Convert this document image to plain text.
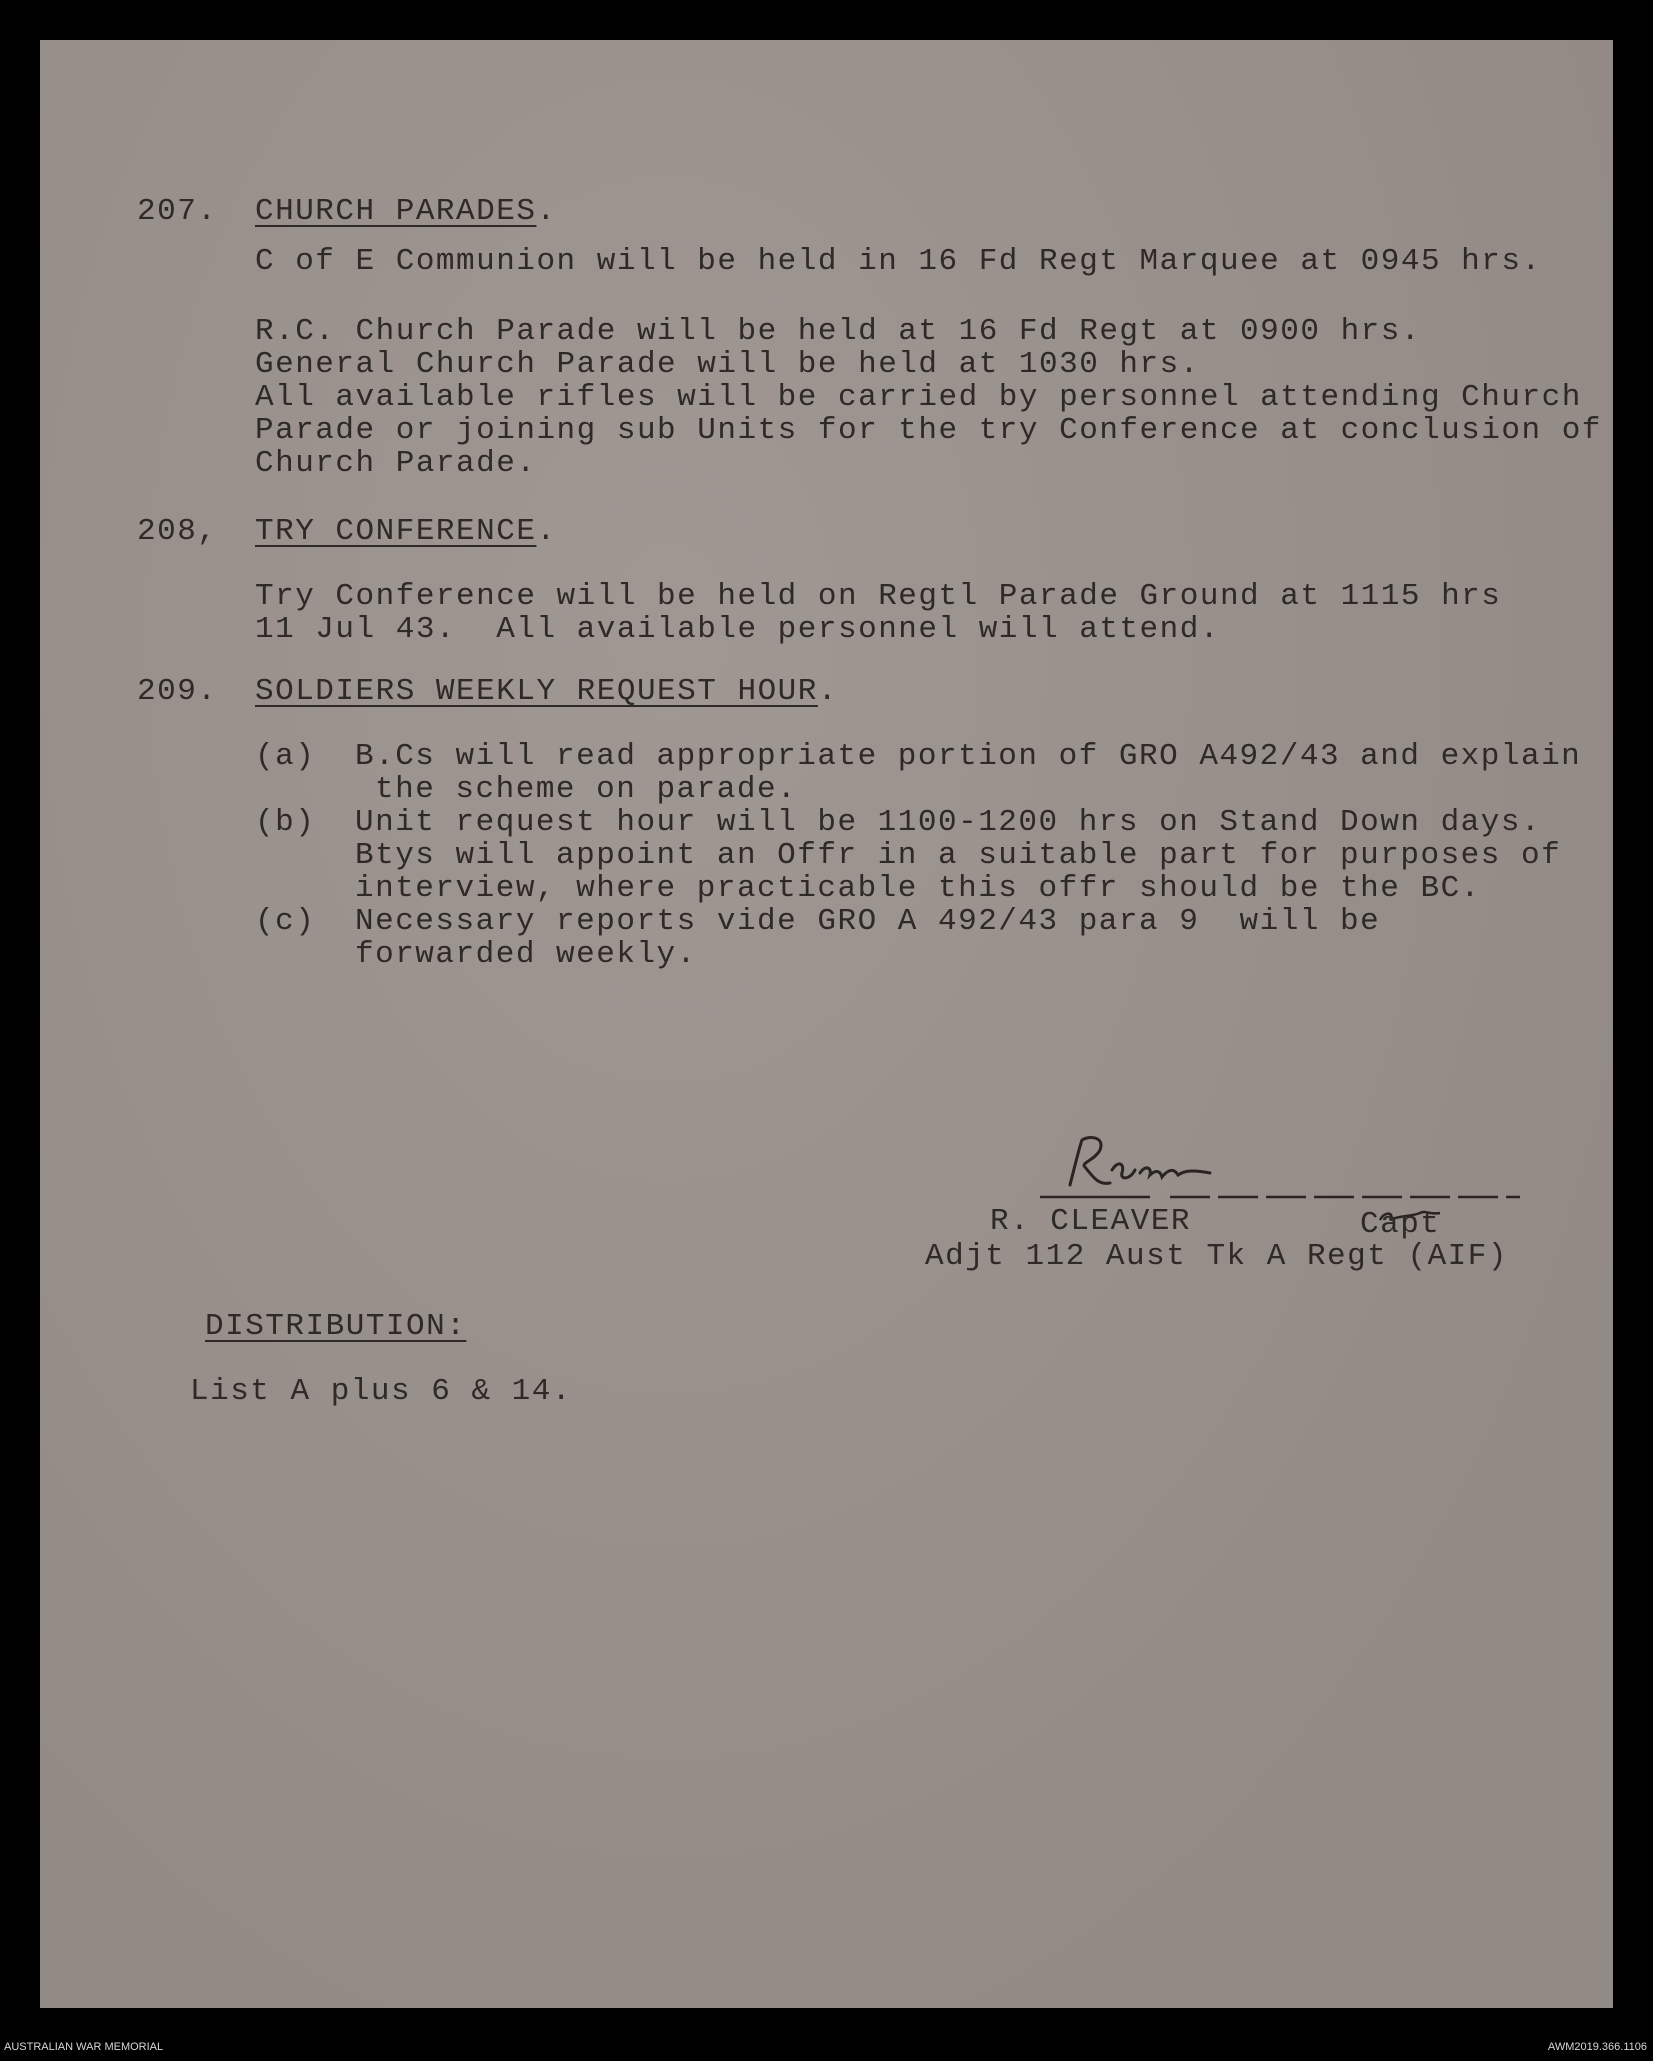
207. CHURCH PARADES.
C of E Communion will be held in 16 Fd Regt Marquee at 0945 hrs.
R.C. Church Parade will be held at 16 Fd Regt at 0900 hrs.
General Church Parade will be held at 1030 hrs.
All available rifles will be carried by personnel attending Church
Parade or joining sub Units for the try Conference at conclusion of
Church Parade.
208, TRY CONFERENCE.
Try Conference will be held on Regtl Parade Ground at 1115 hrs
11 Jul 43.  All available personnel will attend.
209. SOLDIERS WEEKLY REQUEST HOUR.
(a) B.Cs will read appropriate portion of GRO A492/43 and explain
the scheme on parade.
(b) Unit request hour will be 1100-1200 hrs on Stand Down days.
Btys will appoint an Offr in a suitable part for purposes of
interview, where practicable this offr should be the BC.
(c) Necessary reports vide GRO A 492/43 para 9  will be
forwarded weekly.
R. CLEAVER	Capt
Adjt 112 Aust Tk A Regt (AIF)
DISTRIBUTION:
List A plus 6 & 14.
AUSTRALIAN WAR MEMORIAL	AWM2019.366.1106
